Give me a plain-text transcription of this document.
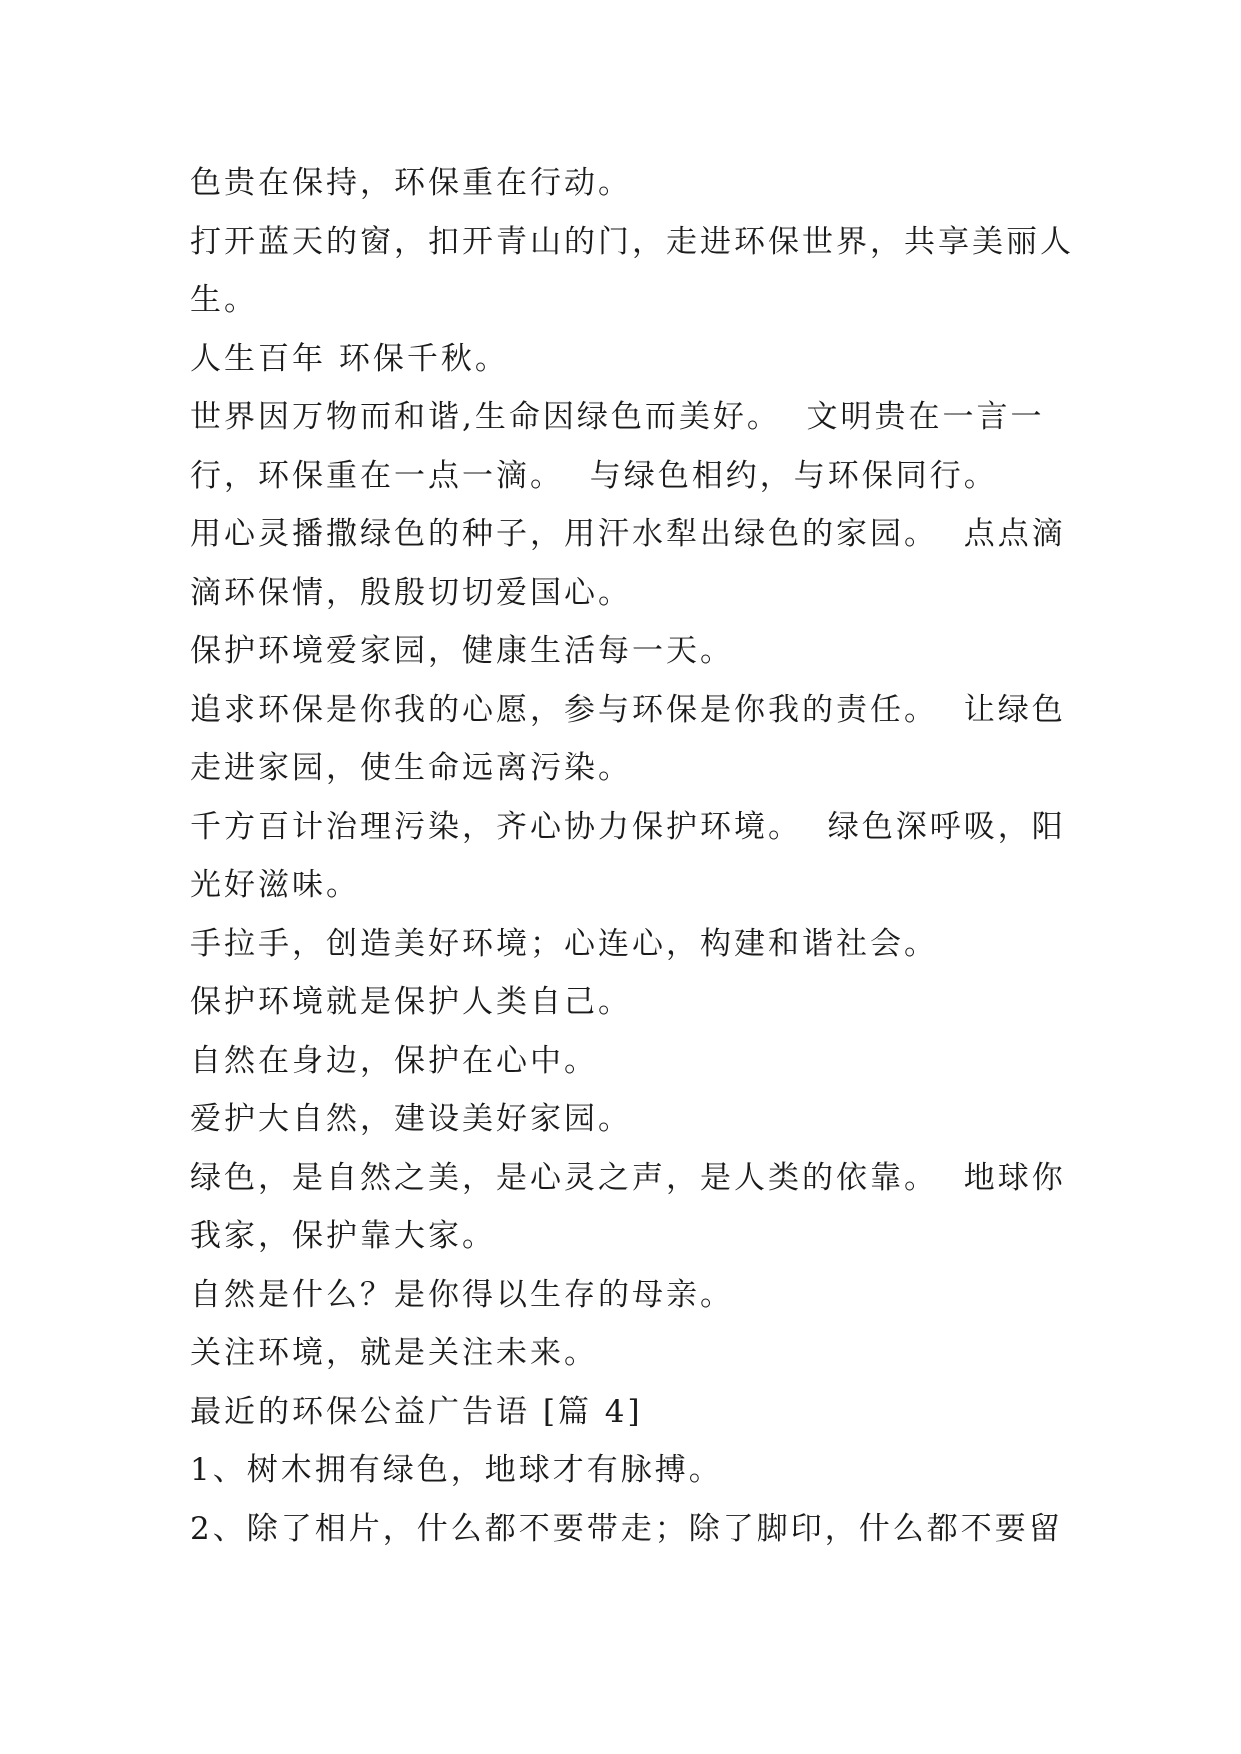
色贵在保持，环保重在行动。
打开蓝天的窗，扣开青山的门，走进环保世界，共享美丽人
生。
人生百年 环保千秋。
世界因万物而和谐,生命因绿色而美好。  文明贵在一言一
行，环保重在一点一滴。  与绿色相约，与环保同行。
用心灵播撒绿色的种子，用汗水犁出绿色的家园。  点点滴
滴环保情，殷殷切切爱国心。
保护环境爱家园，健康生活每一天。
追求环保是你我的心愿，参与环保是你我的责任。  让绿色
走进家园，使生命远离污染。
千方百计治理污染，齐心协力保护环境。  绿色深呼吸，阳
光好滋味。
手拉手，创造美好环境；心连心，构建和谐社会。
保护环境就是保护人类自己。
自然在身边，保护在心中。
爱护大自然，建设美好家园。
绿色，是自然之美，是心灵之声，是人类的依靠。  地球你
我家，保护靠大家。
自然是什么？是你得以生存的母亲。
关注环境，就是关注未来。
最近的环保公益广告语 [篇 4]
1、树木拥有绿色，地球才有脉搏。
2、除了相片，什么都不要带走；除了脚印，什么都不要留
